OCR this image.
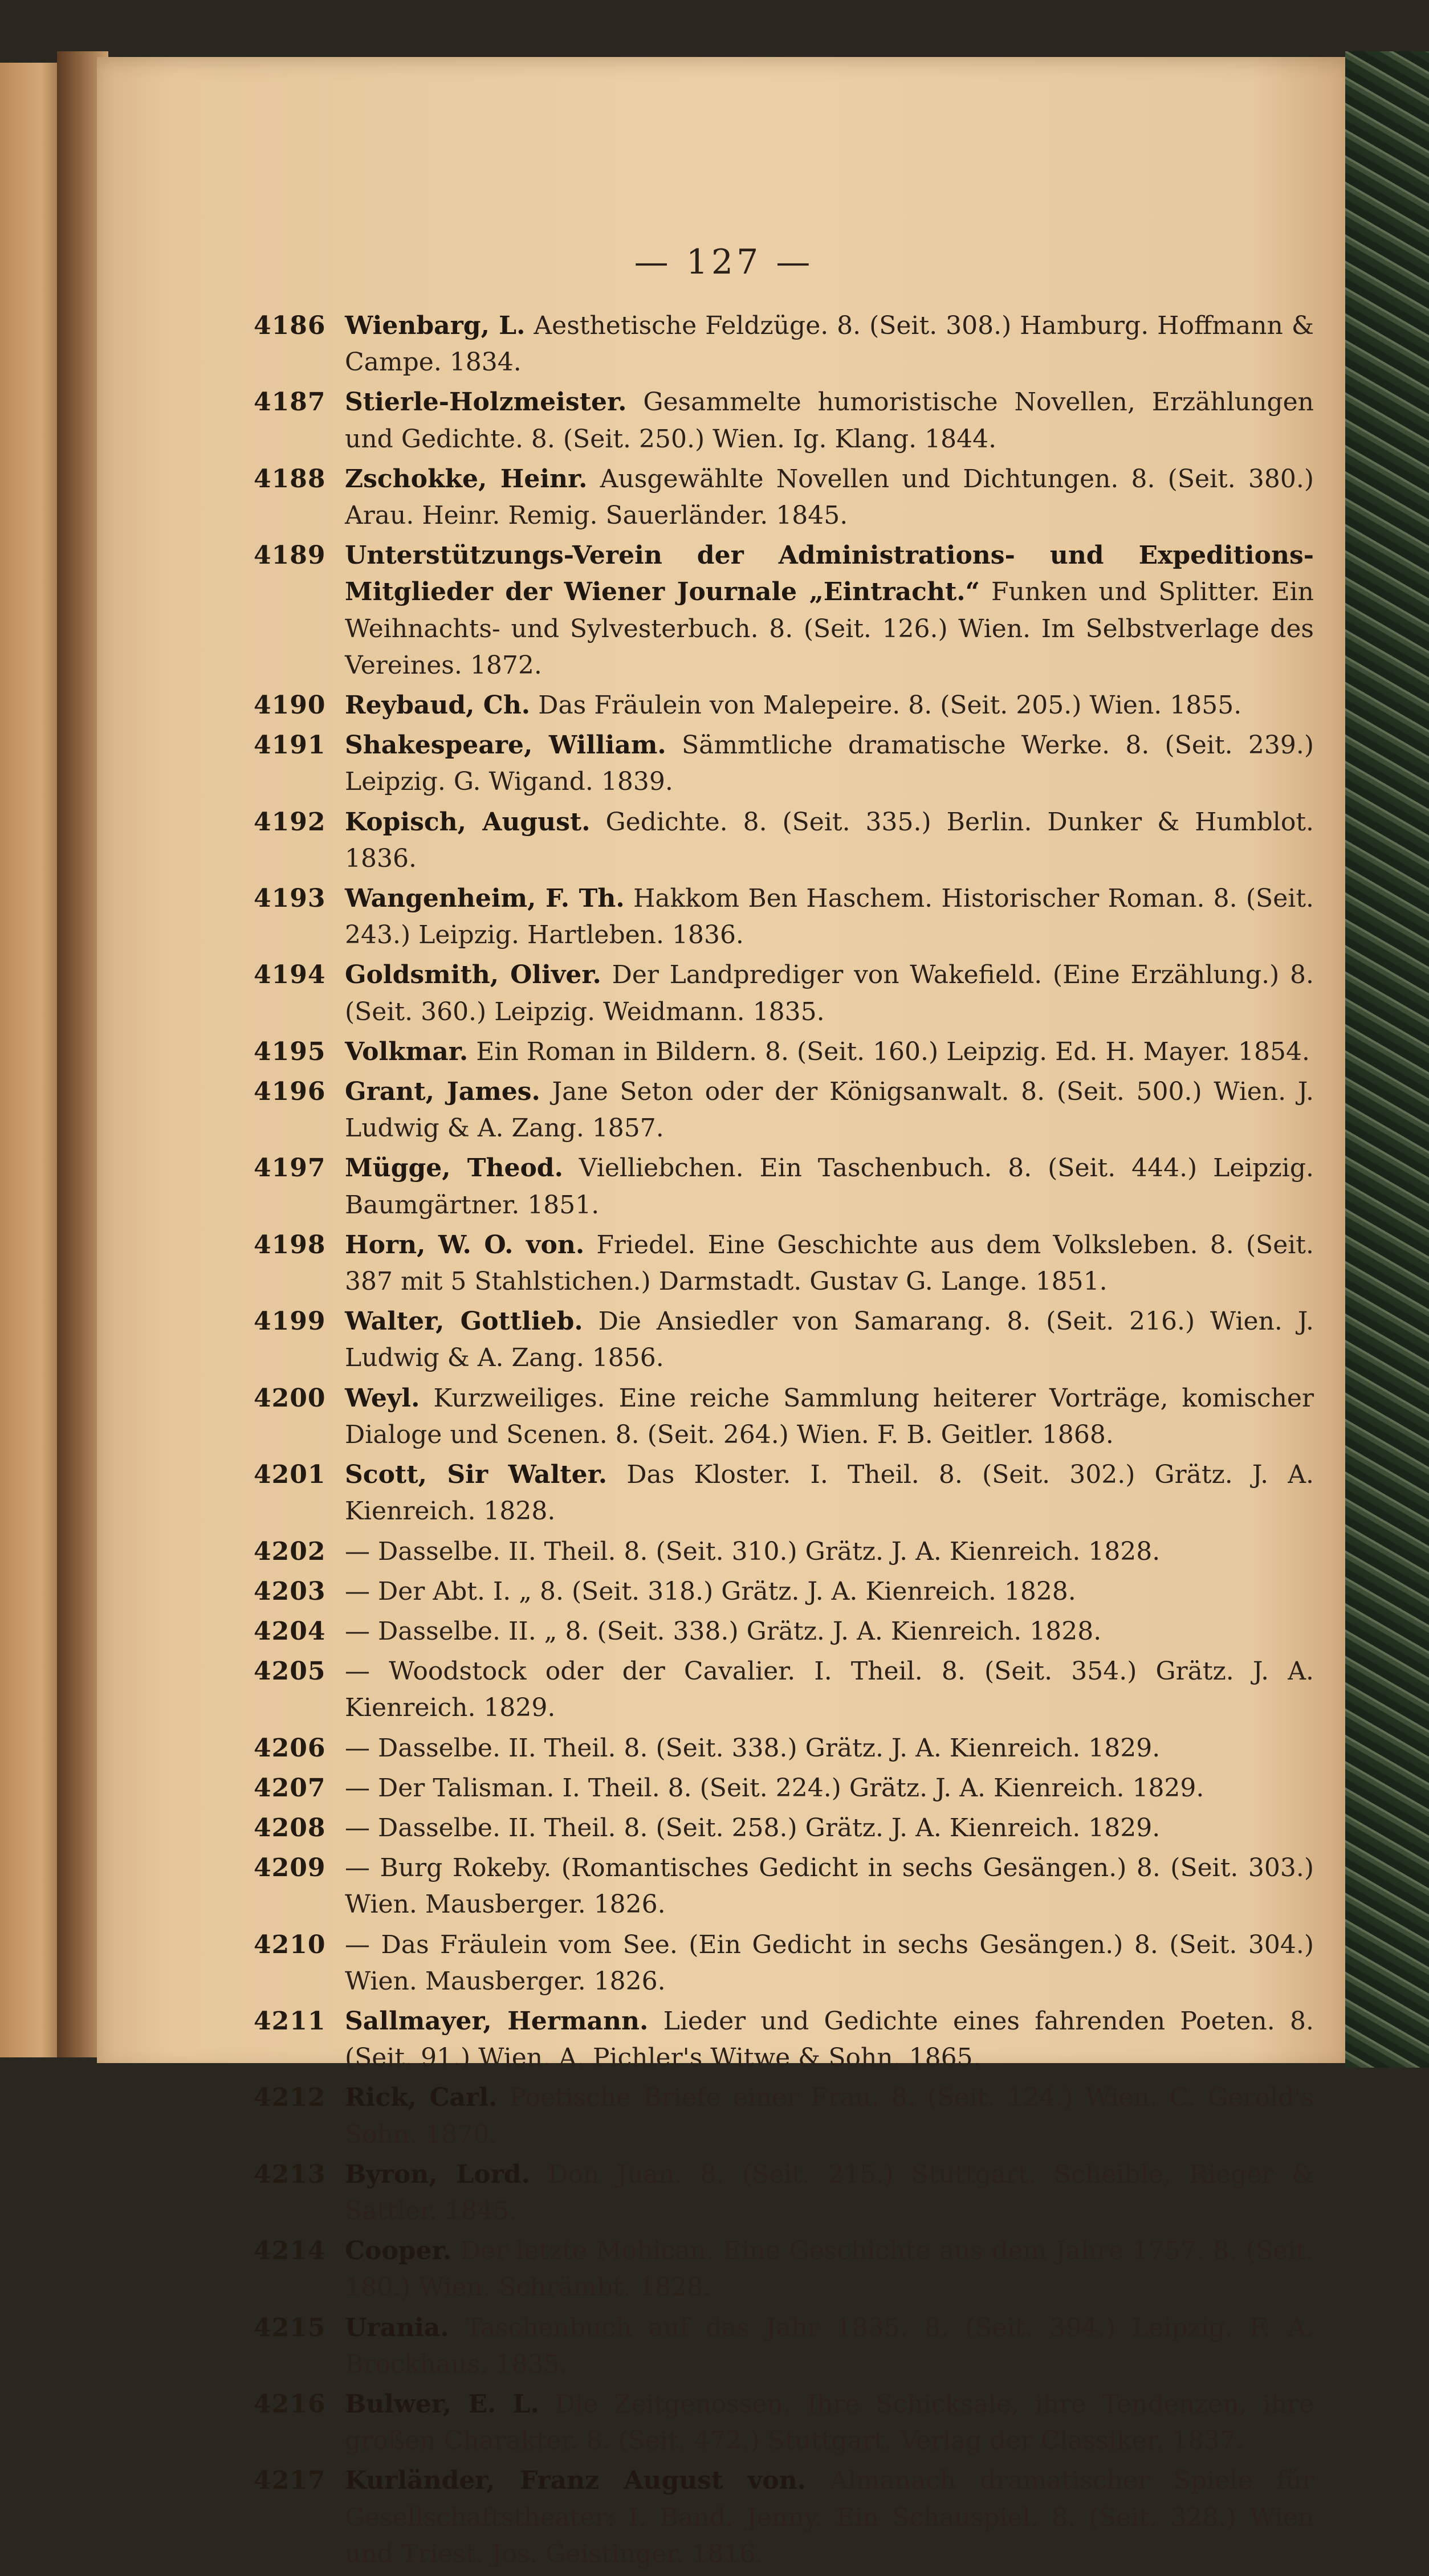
— 127 —
4186 Wienbarg, L. Aesthetische Feldzüge. 8. (Seit. 308.) Hamburg. Hoffmann & Campe. 1834.
4187 Stierle-Holzmeister. Gesammelte humoristische Novellen, Erzählungen und Gedichte. 8. (Seit. 250.) Wien. Ig. Klang. 1844.
4188 Zschokke, Heinr. Ausgewählte Novellen und Dichtungen. 8. (Seit. 380.) Arau. Heinr. Remig. Sauerländer. 1845.
4189 Unterstützungs-Verein der Administrations- und Expeditions-Mitglieder der Wiener Journale „Eintracht.“ Funken und Splitter. Ein Weihnachts- und Sylvesterbuch. 8. (Seit. 126.) Wien. Im Selbstverlage des Vereines. 1872.
4190 Reybaud, Ch. Das Fräulein von Malepeire. 8. (Seit. 205.) Wien. 1855.
4191 Shakespeare, William. Sämmtliche dramatische Werke. 8. (Seit. 239.) Leipzig. G. Wigand. 1839.
4192 Kopisch, August. Gedichte. 8. (Seit. 335.) Berlin. Dunker & Humblot. 1836.
4193 Wangenheim, F. Th. Hakkom Ben Haschem. Historischer Roman. 8. (Seit. 243.) Leipzig. Hartleben. 1836.
4194 Goldsmith, Oliver. Der Landprediger von Wakefield. (Eine Erzählung.) 8. (Seit. 360.) Leipzig. Weidmann. 1835.
4195 Volkmar. Ein Roman in Bildern. 8. (Seit. 160.) Leipzig. Ed. H. Mayer. 1854.
4196 Grant, James. Jane Seton oder der Königsanwalt. 8. (Seit. 500.) Wien. J. Ludwig & A. Zang. 1857.
4197 Mügge, Theod. Vielliebchen. Ein Taschenbuch. 8. (Seit. 444.) Leipzig. Baumgärtner. 1851.
4198 Horn, W. O. von. Friedel. Eine Geschichte aus dem Volksleben. 8. (Seit. 387 mit 5 Stahlstichen.) Darmstadt. Gustav G. Lange. 1851.
4199 Walter, Gottlieb. Die Ansiedler von Samarang. 8. (Seit. 216.) Wien. J. Ludwig & A. Zang. 1856.
4200 Weyl. Kurzweiliges. Eine reiche Sammlung heiterer Vorträge, komischer Dialoge und Scenen. 8. (Seit. 264.) Wien. F. B. Geitler. 1868.
4201 Scott, Sir Walter. Das Kloster. I. Theil. 8. (Seit. 302.) Grätz. J. A. Kienreich. 1828.
4202 — Dasselbe. II. Theil. 8. (Seit. 310.) Grätz. J. A. Kienreich. 1828.
4203 — Der Abt. I. „ 8. (Seit. 318.) Grätz. J. A. Kienreich. 1828.
4204 — Dasselbe. II. „ 8. (Seit. 338.) Grätz. J. A. Kienreich. 1828.
4205 — Woodstock oder der Cavalier. I. Theil. 8. (Seit. 354.) Grätz. J. A. Kienreich. 1829.
4206 — Dasselbe. II. Theil. 8. (Seit. 338.) Grätz. J. A. Kienreich. 1829.
4207 — Der Talisman. I. Theil. 8. (Seit. 224.) Grätz. J. A. Kienreich. 1829.
4208 — Dasselbe. II. Theil. 8. (Seit. 258.) Grätz. J. A. Kienreich. 1829.
4209 — Burg Rokeby. (Romantisches Gedicht in sechs Gesängen.) 8. (Seit. 303.) Wien. Mausberger. 1826.
4210 — Das Fräulein vom See. (Ein Gedicht in sechs Gesängen.) 8. (Seit. 304.) Wien. Mausberger. 1826.
4211 Sallmayer, Hermann. Lieder und Gedichte eines fahrenden Poeten. 8. (Seit. 91.) Wien. A. Pichler's Witwe & Sohn. 1865.
4212 Rick, Carl. Poetische Briefe einer Frau. 8. (Seit. 124.) Wien. C. Gerold's Sohn. 1870.
4213 Byron, Lord. Don Juan. 8. (Seit. 215.) Stuttgart. Scheible, Rieger & Sattler. 1845.
4214 Cooper. Der letzte Mohican. Eine Geschichte aus dem Jahre 1757. 8. (Seit. 180.) Wien. Schrämbt. 1828.
4215 Urania. Taschenbuch auf das Jahr 1835. 8. (Seit. 394.) Leipzig. F. A. Brockhaus. 1835.
4216 Bulwer, E. L. Die Zeitgenossen. Ihre Schicksale, ihre Tendenzen, ihre großen Charakter. 8. (Seit. 472.) Stuttgart. Verlag der Classiker. 1837.
4217 Kurländer, Franz August von. Almanach dramatischer Spiele für Gesellschaftstheater: I. Band. Jenny. Ein Schauspiel. 8. (Seit. 328.) Wien und Triest. Jos. Geistinger. 1816.
